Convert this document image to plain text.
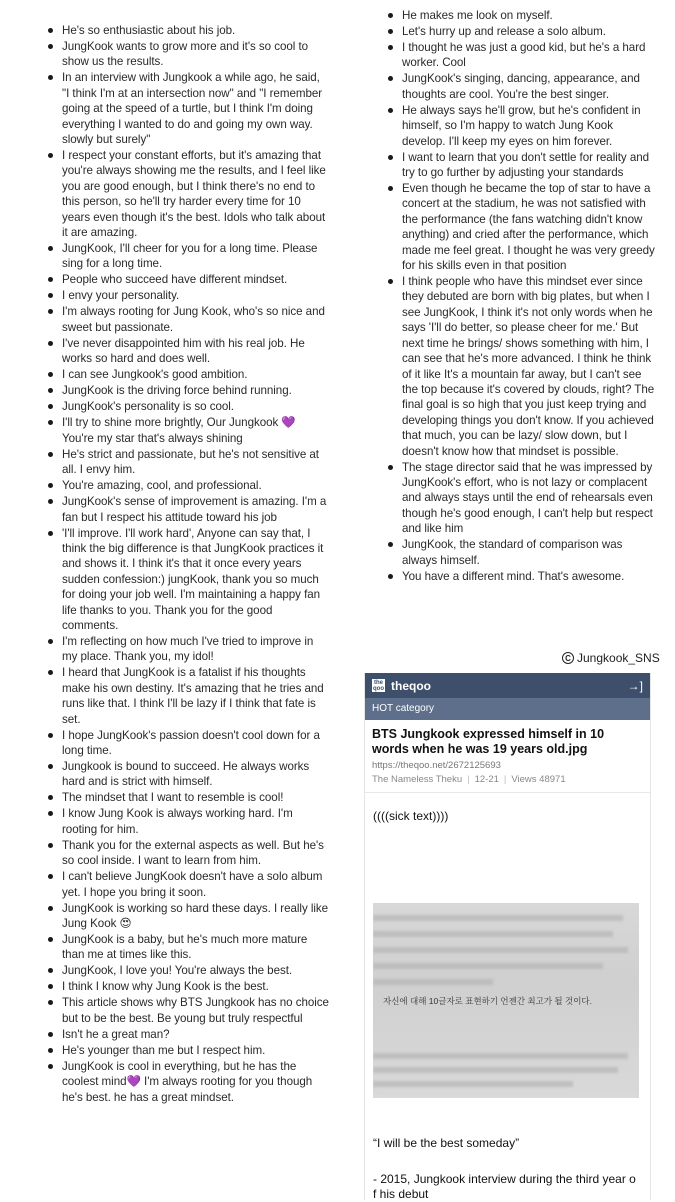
He's so enthusiastic about his job.
JungKook wants to grow more and it's so cool to show us the results.
In an interview with Jungkook a while ago, he said, "I think I'm at an intersection now" and "I remember going at the speed of a turtle, but I think I'm doing everything I wanted to do and going my own way. slowly but surely"
I respect your constant efforts, but it's amazing that you're always showing me the results, and I feel like you are good enough, but I think there's no end to this person, so he'll try harder every time for 10 years even though it's the best. Idols who talk about it are amazing.
JungKook, I'll cheer for you for a long time. Please sing for a long time.
People who succeed have different mindset.
I envy your personality.
I'm always rooting for Jung Kook, who's so nice and sweet but passionate.
I've never disappointed him with his real job. He works so hard and does well.
I can see Jungkook's good ambition.
JungKook is the driving force behind running.
JungKook's personality is so cool.
I'll try to shine more brightly, Our Jungkook 💜 You're my star that's always shining
He's strict and passionate, but he's not sensitive at all. I envy him.
You're amazing, cool, and professional.
JungKook's sense of improvement is amazing. I'm a fan but I respect his attitude toward his job
'I'll improve. I'll work hard', Anyone can say that, I think the big difference is that JungKook practices it and shows it. I think it's that it once every years sudden confession:) jungKook, thank you so much for doing your job well. I'm maintaining a happy fan life thanks to you. Thank you for the good comments.
I'm reflecting on how much I've tried to improve in my place. Thank you, my idol!
I heard that JungKook is a fatalist if his thoughts make his own destiny. It's amazing that he tries and runs like that. I think I'll be lazy if I think that fate is set.
I hope JungKook's passion doesn't cool down for a long time.
Jungkook is bound to succeed. He always works hard and is strict with himself.
The mindset that I want to resemble is cool!
I know Jung Kook is always working hard. I'm rooting for him.
Thank you for the external aspects as well. But he's so cool inside. I want to learn from him.
I can't believe JungKook doesn't have a solo album yet. I hope you bring it soon.
JungKook is working so hard these days. I really like Jung Kook 😍
JungKook is a baby, but he's much more mature than me at times like this.
JungKook, I love you! You're always the best.
I think I know why Jung Kook is the best.
This article shows why BTS Jungkook has no choice but to be the best. Be young but truly respectful
Isn't he a great man?
He's younger than me but I respect him.
JungKook is cool in everything, but he has the coolest mind💜 I'm always rooting for you though he's best. he has a great mindset.
He makes me look on myself.
Let's hurry up and release a solo album.
I thought he was just a good kid, but he's a hard worker. Cool
JungKook's singing, dancing, appearance, and thoughts are cool. You're the best singer.
He always says he'll grow, but he's confident in himself, so I'm happy to watch Jung Kook develop. I'll keep my eyes on him forever.
I want to learn that you don't settle for reality and try to go further by adjusting your standards
Even though he became the top of star to have a concert at the stadium, he was not satisfied with the performance (the fans watching didn't know anything) and cried after the performance, which made me feel great. I thought he was very greedy for his skills even in that position
I think people who have this mindset ever since they debuted are born with big plates, but when I see JungKook, I think it's not only words when he says 'I'll do better, so please cheer for me.' But next time he brings/ shows something with him, I can see that he's more advanced. I think he think of it like It's a mountain far away, but I can't see the top because it's covered by clouds, right? The final goal is so high that you just keep trying and developing things you don't know. If you achieved that much, you can be lazy/ slow down, but I doesn't know how that mindset is possible.
The stage director said that he was impressed by JungKook's effort, who is not lazy or complacent and always stays until the end of rehearsals even though he's good enough, I can't help but respect and like him
JungKook, the standard of comparison was always himself.
You have a different mind. That's awesome.
C Jungkook_SNS
the qoo theqoo	→]
HOT category
BTS Jungkook expressed himself in 10 words when he was 19 years old.jpg
https://theqoo.net/2672125693
The Nameless Theku | 12-21 | Views 48971
((((sick text))))
자신에 대해 10글자로 표현하기 언젠간 최고가 될 것이다.
“I will be the best someday”
- 2015, Jungkook interview during the third year o f his debut
